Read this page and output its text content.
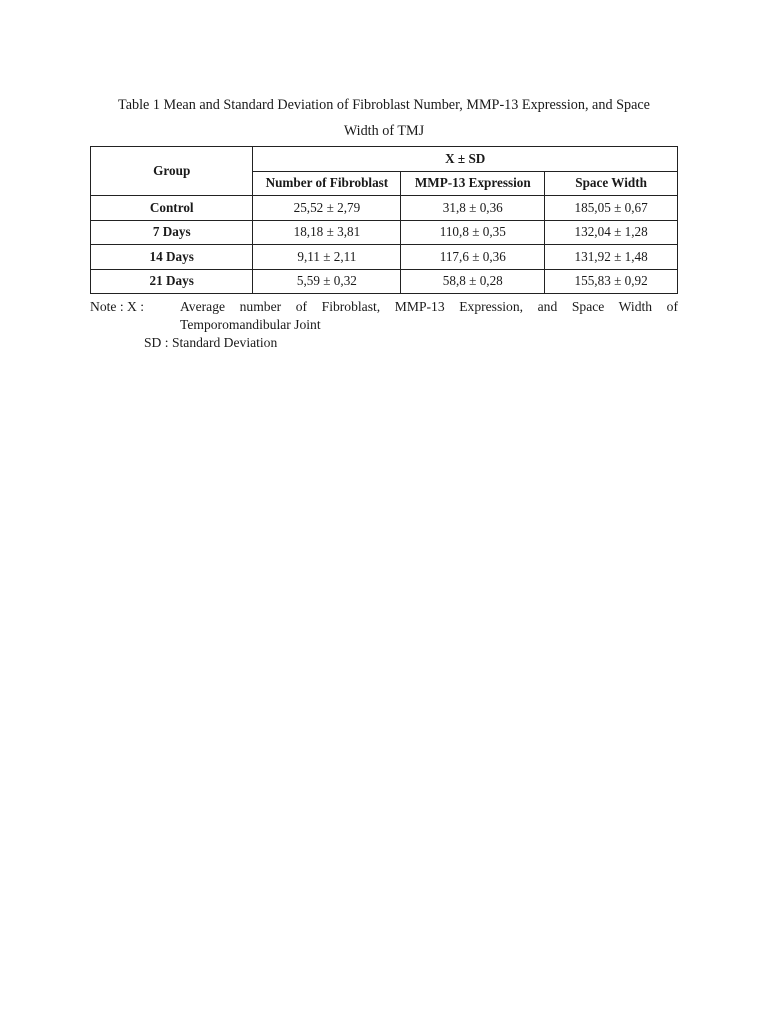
Table 1 Mean and Standard Deviation of Fibroblast Number, MMP-13 Expression, and Space
Width of TMJ
Group	X ± SD		
	Number of Fibroblast	MMP-13 Expression	Space Width
Control	25,52 ± 2,79	31,8 ± 0,36	185,05 ± 0,67
7 Days	18,18 ± 3,81	110,8 ± 0,35	132,04 ± 1,28
14 Days	9,11 ± 2,11	117,6 ± 0,36	131,92 ± 1,48
21 Days	5,59 ± 0,32	58,8 ± 0,28	155,83 ± 0,92
Note : X :	Average number of Fibroblast, MMP-13 Expression, and Space Width of
Temporomandibular Joint
SD : Standard Deviation
